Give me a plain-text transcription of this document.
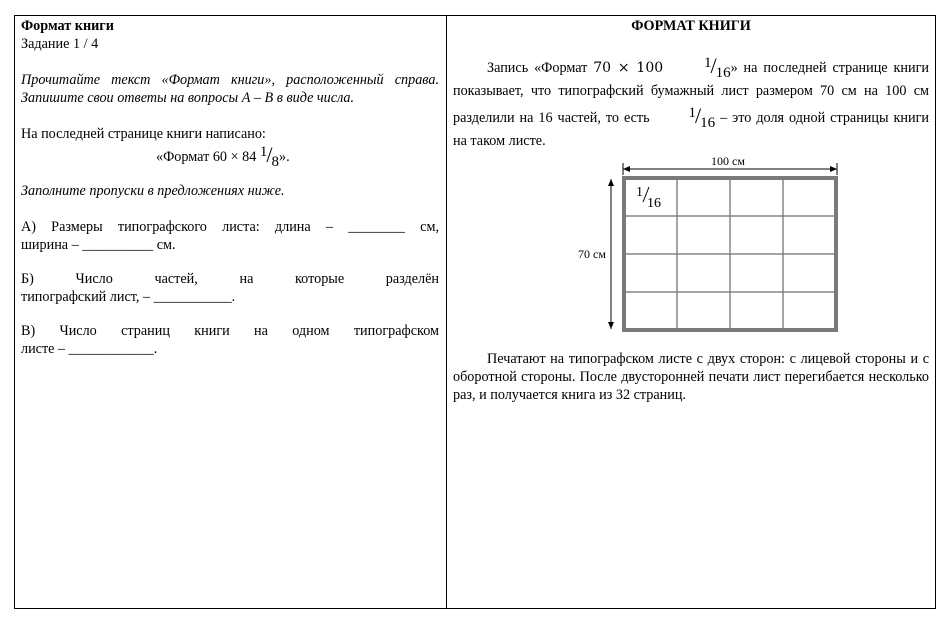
Формат книги

Задание 1 / 4

Прочитайте текст «Формат книги», расположенный справа. Запишите свои ответы на вопросы А – В в виде числа.

На последней странице книги написано:

«Формат 60 × 84 1/8».

Заполните пропуски в предложениях ниже.

А) Размеры типографского листа: длина – ________ см,

ширина – __________ см.

Б) Число частей, на которые разделён

типографский лист, – ___________.

В) Число страниц книги на одном типографском

листе – ____________.

ФОРМАТ КНИГИ

Запись «Формат 70 × 100 1/16» на последней странице книги показывает, что типографский бумажный лист размером 70 см на 100 см разделили на 16 частей, то есть 1/16 – это доля одной страницы книги на таком листе.

100 см
70 см
1
16

Печатают на типографском листе с двух сторон: с лицевой стороны и с оборотной стороны. После двусторонней печати лист перегибается несколько раз, и получается книга из 32 страниц.
